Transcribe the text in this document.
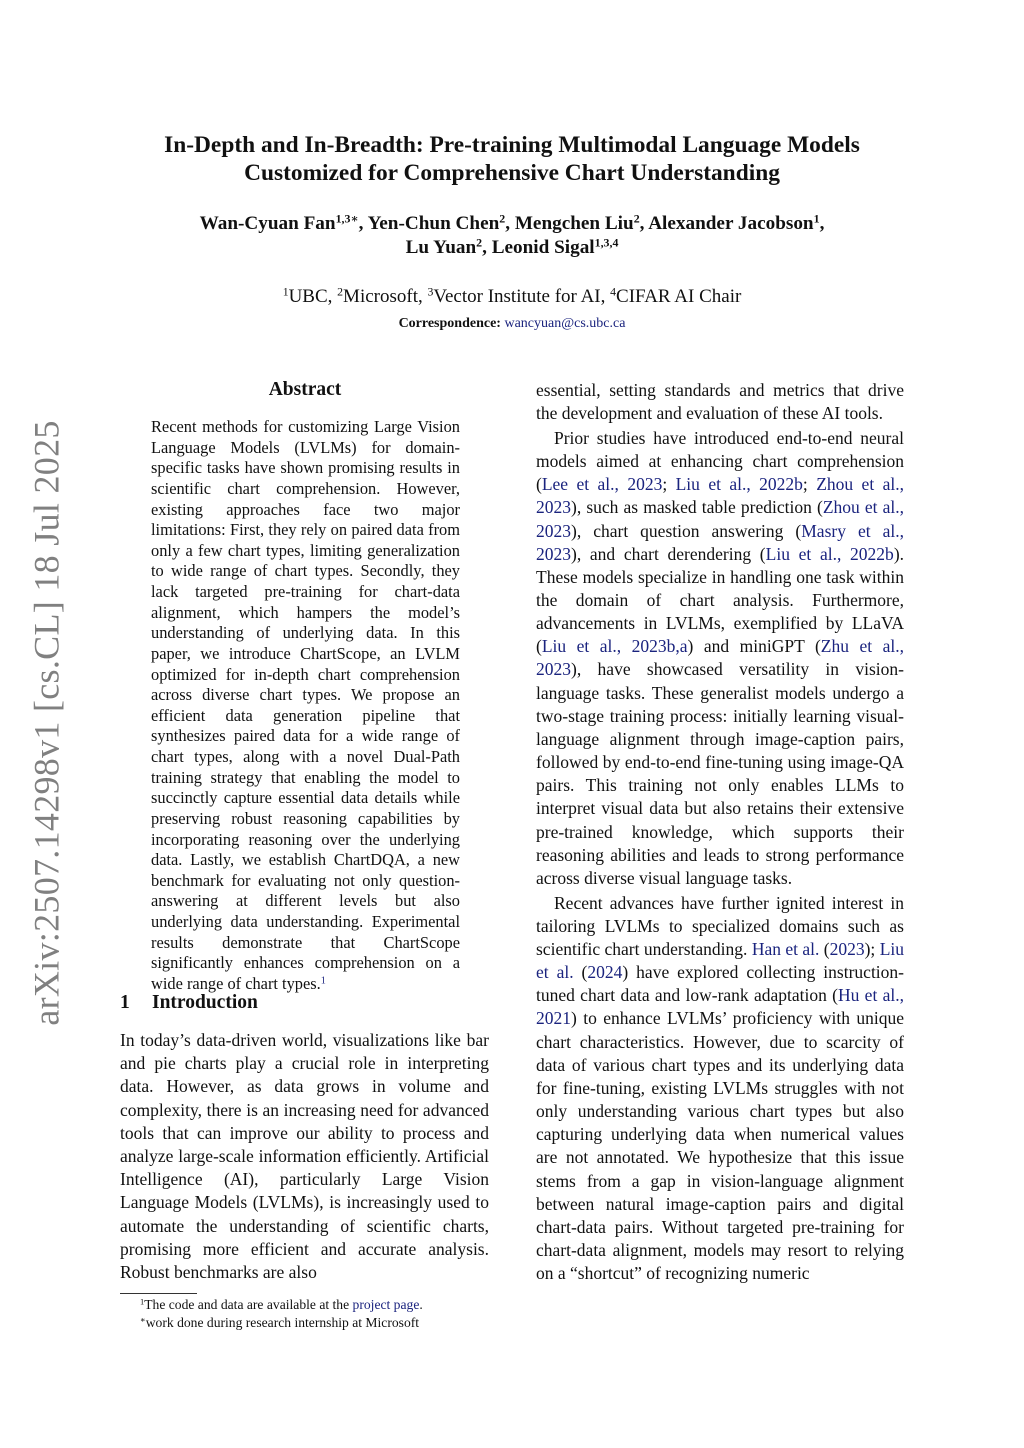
arXiv:2507.14298v1 [cs.CL] 18 Jul 2025
In-Depth and In-Breadth: Pre-training Multimodal Language Models
Customized for Comprehensive Chart Understanding
Wan-Cyuan Fan$^{1,3∗}$, Yen-Chun Chen$^2$, Mengchen Liu$^2$, Alexander Jacobson$^1$,
Lu Yuan$^2$, Leonid Sigal$^{1,3,4}$
$^1$UBC, $^2$Microsoft, $^3$Vector Institute for AI, $^4$CIFAR AI Chair
Correspondence: wancyuan@cs.ubc.ca
Abstract
Recent methods for customizing Large Vision Language Models (LVLMs) for domain-specific tasks have shown promising results in scientific chart comprehension. However, existing approaches face two major limitations: First, they rely on paired data from only a few chart types, limiting generalization to wide range of chart types. Secondly, they lack targeted pre-training for chart-data alignment, which hampers the model’s understanding of underlying data. In this paper, we introduce ChartScope, an LVLM optimized for in-depth chart comprehension across diverse chart types. We propose an efficient data generation pipeline that synthesizes paired data for a wide range of chart types, along with a novel Dual-Path training strategy that enabling the model to succinctly capture essential data details while preserving robust reasoning capabilities by incorporating reasoning over the underlying data. Lastly, we establish ChartDQA, a new benchmark for evaluating not only question-answering at different levels but also underlying data understanding. Experimental results demonstrate that ChartScope significantly enhances comprehension on a wide range of chart types.$^1$
1 Introduction
In today’s data-driven world, visualizations like bar and pie charts play a crucial role in interpreting data. However, as data grows in volume and complexity, there is an increasing need for advanced tools that can improve our ability to process and analyze large-scale information efficiently. Artificial Intelligence (AI), particularly Large Vision Language Models (LVLMs), is increasingly used to automate the understanding of scientific charts, promising more efficient and accurate analysis. Robust benchmarks are also

$^1$The code and data are available at the project page.

∗work done during research internship at Microsoft

essential, setting standards and metrics that drive the development and evaluation of these AI tools.

Prior studies have introduced end-to-end neural models aimed at enhancing chart comprehension (Lee et al., 2023; Liu et al., 2022b; Zhou et al., 2023), such as masked table prediction (Zhou et al., 2023), chart question answering (Masry et al., 2023), and chart derendering (Liu et al., 2022b). These models specialize in handling one task within the domain of chart analysis. Furthermore, advancements in LVLMs, exemplified by LLaVA (Liu et al., 2023b,a) and miniGPT (Zhu et al., 2023), have showcased versatility in vision-language tasks. These generalist models undergo a two-stage training process: initially learning visual-language alignment through image-caption pairs, followed by end-to-end fine-tuning using image-QA pairs. This training not only enables LLMs to interpret visual data but also retains their extensive pre-trained knowledge, which supports their reasoning abilities and leads to strong performance across diverse visual language tasks.

Recent advances have further ignited interest in tailoring LVLMs to specialized domains such as scientific chart understanding. Han et al. (2023); Liu et al. (2024) have explored collecting instruction-tuned chart data and low-rank adaptation (Hu et al., 2021) to enhance LVLMs’ proficiency with unique chart characteristics. However, due to scarcity of data of various chart types and its underlying data for fine-tuning, existing LVLMs struggles with not only understanding various chart types but also capturing underlying data when numerical values are not annotated. We hypothesize that this issue stems from a gap in vision-language alignment between natural image-caption pairs and digital chart-data pairs. Without targeted pre-training for chart-data alignment, models may resort to relying on a “shortcut” of recognizing numeric
